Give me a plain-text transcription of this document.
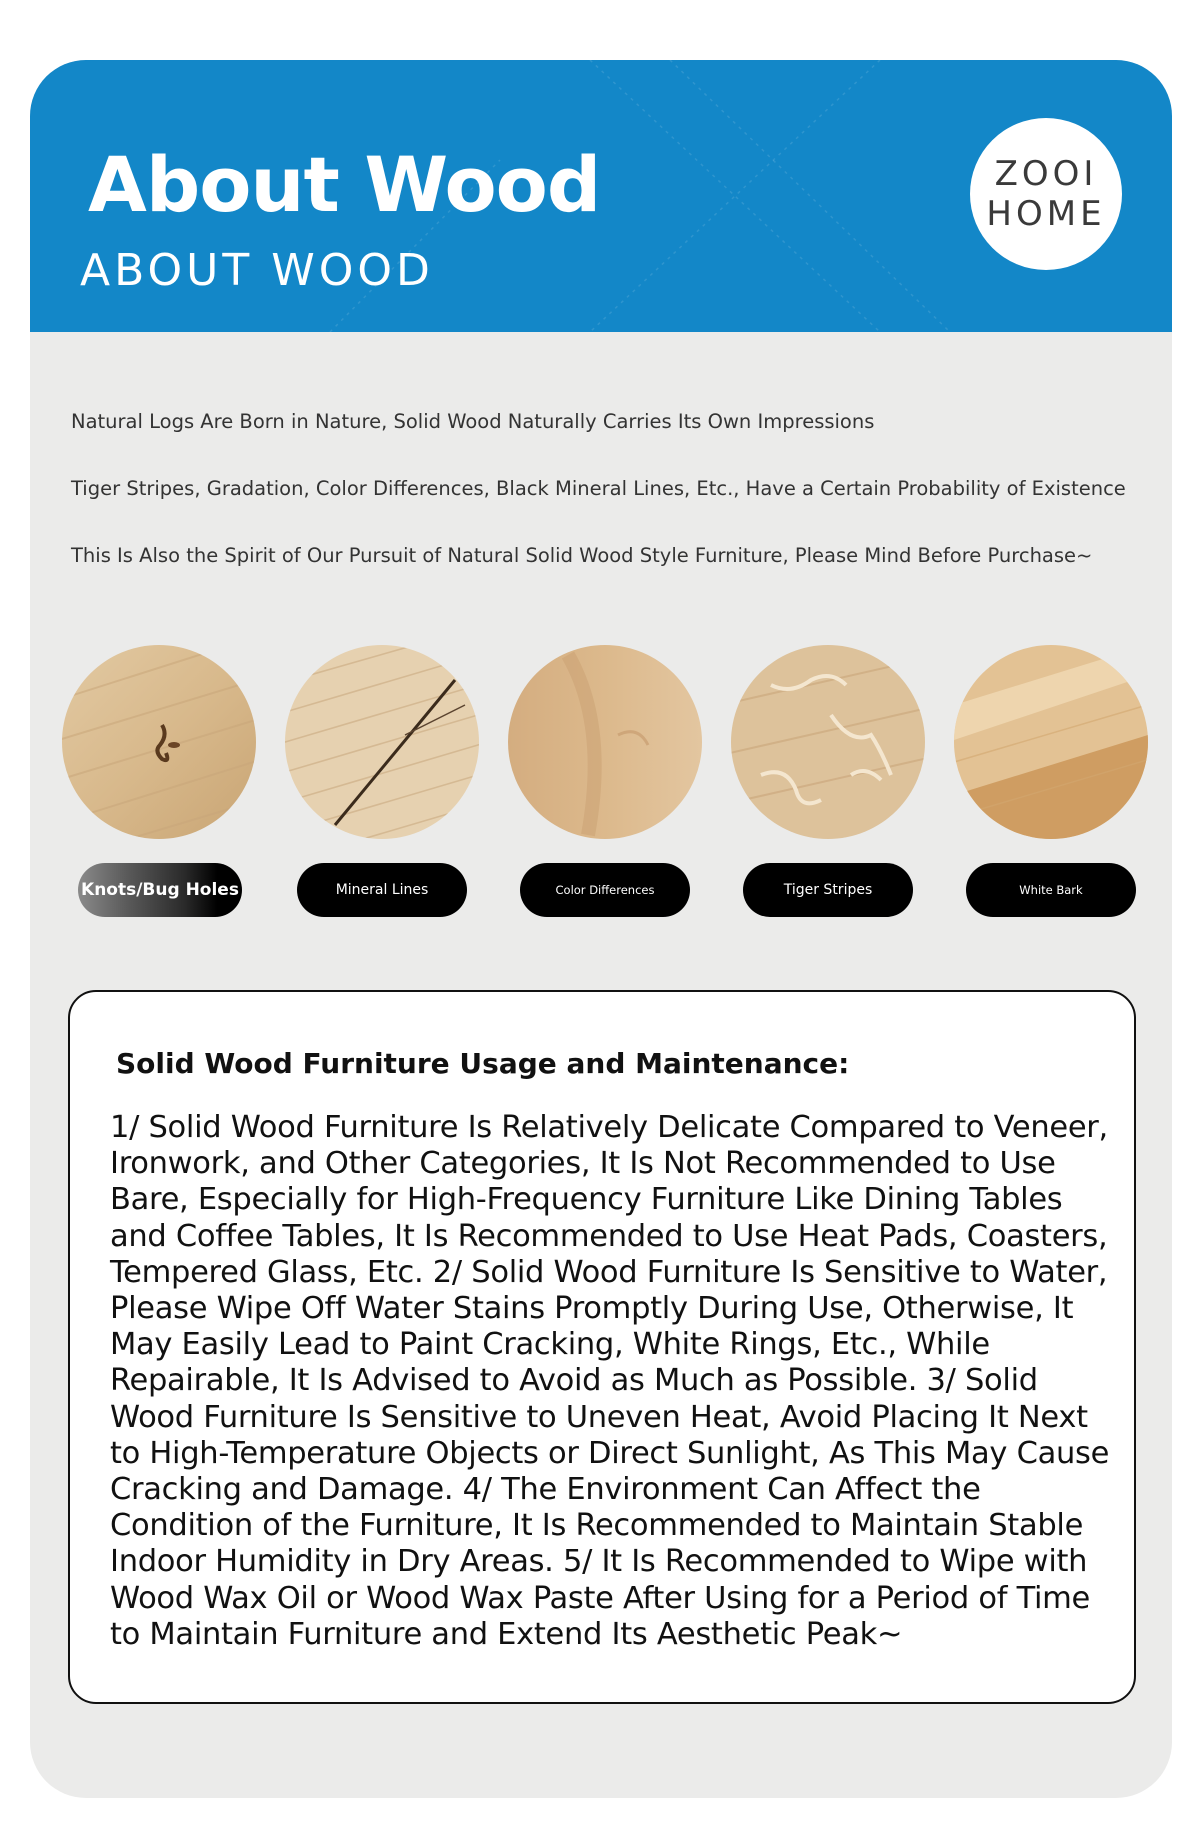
About Wood
ABOUT WOOD
ZOOI
HOME

Natural Logs Are Born in Nature, Solid Wood Naturally Carries Its Own Impressions

Tiger Stripes, Gradation, Color Differences, Black Mineral Lines, Etc., Have a Certain Probability of Existence

This Is Also the Spirit of Our Pursuit of Natural Solid Wood Style Furniture, Please Mind Before Purchase~

Knots/Bug Holes	Mineral Lines	Color Differences	Tiger Stripes	White Bark
Solid Wood Furniture Usage and Maintenance:
1/ Solid Wood Furniture Is Relatively Delicate Compared to Veneer, Ironwork, and Other Categories, It Is Not Recommended to Use Bare, Especially for High-Frequency Furniture Like Dining Tables and Coffee Tables, It Is Recommended to Use Heat Pads, Coasters, Tempered Glass, Etc. 2/ Solid Wood Furniture Is Sensitive to Water, Please Wipe Off Water Stains Promptly During Use, Otherwise, It May Easily Lead to Paint Cracking, White Rings, Etc., While Repairable, It Is Advised to Avoid as Much as Possible. 3/ Solid Wood Furniture Is Sensitive to Uneven Heat, Avoid Placing It Next to High-Temperature Objects or Direct Sunlight, As This May Cause Cracking and Damage. 4/ The Environment Can Affect the Condition of the Furniture, It Is Recommended to Maintain Stable Indoor Humidity in Dry Areas. 5/ It Is Recommended to Wipe with Wood Wax Oil or Wood Wax Paste After Using for a Period of Time to Maintain Furniture and Extend Its Aesthetic Peak~
